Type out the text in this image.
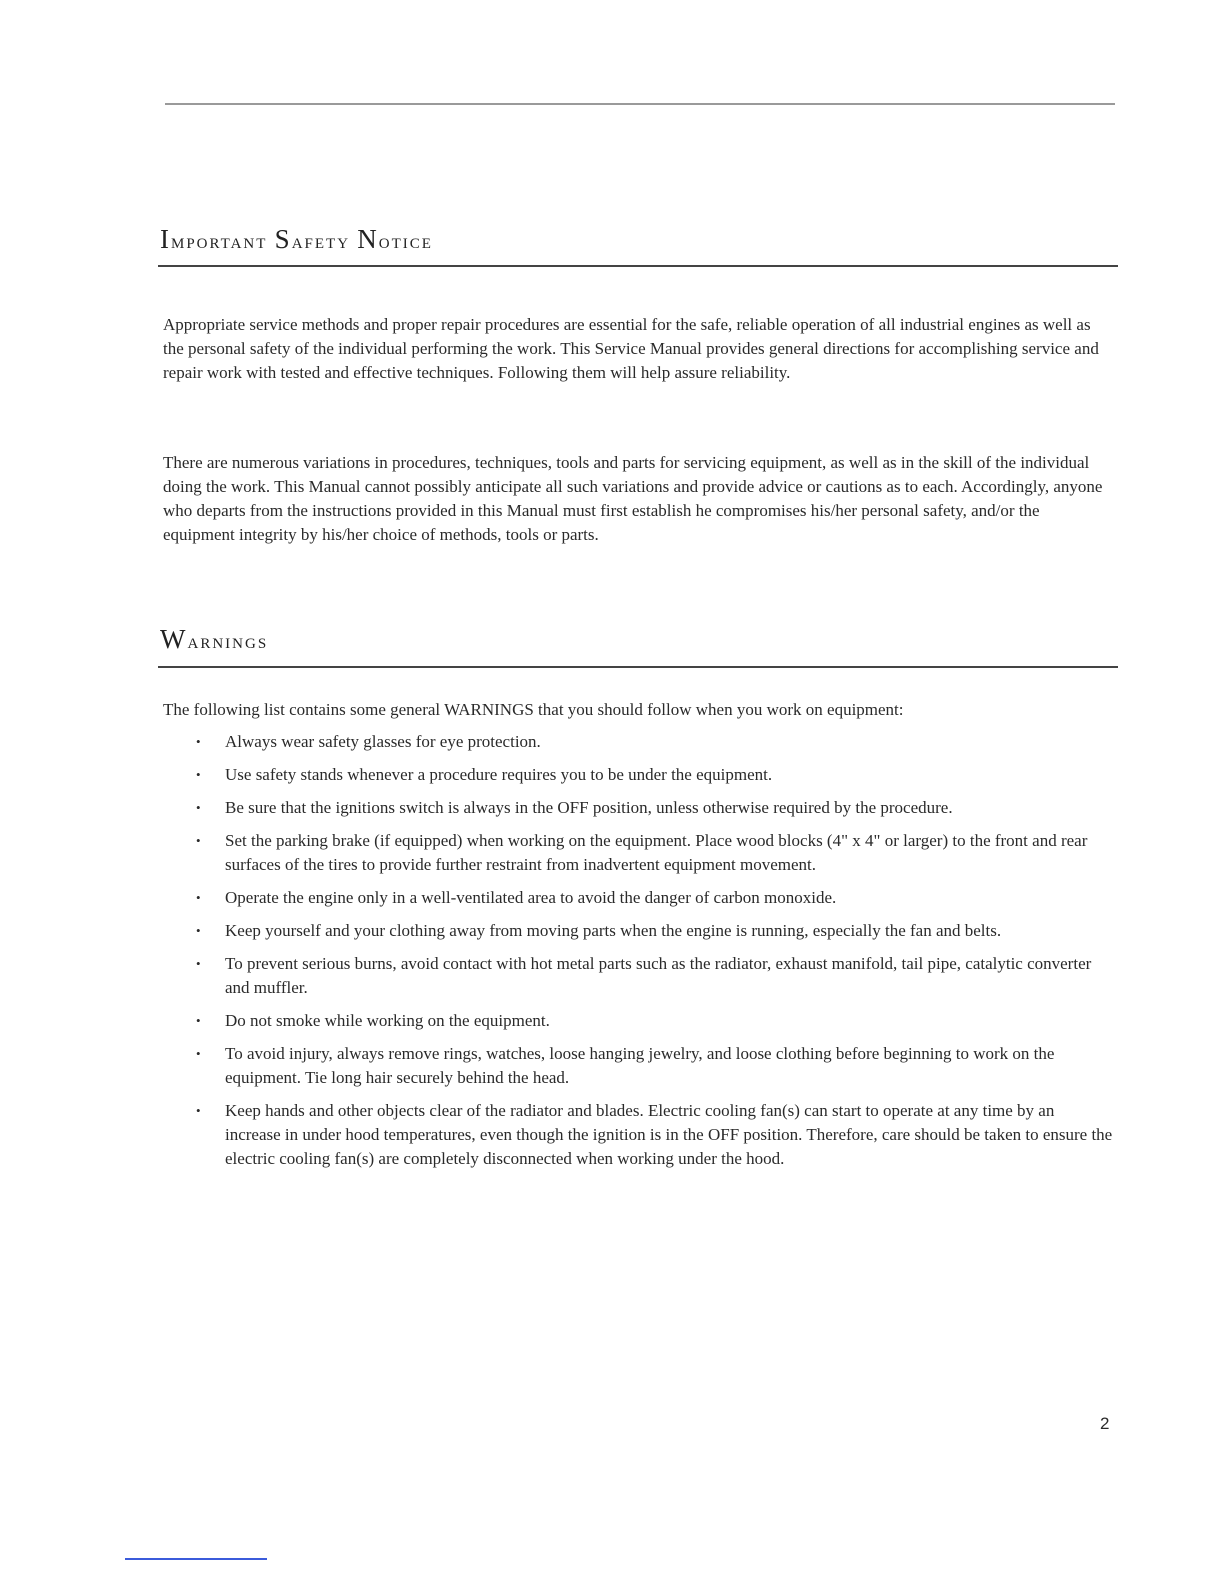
Important Safety Notice

Appropriate service methods and proper repair procedures are essential for the safe, reliable operation of all industrial engines as well as the personal safety of the individual performing the work. This Service Manual provides general directions for accomplishing service and repair work with tested and effective techniques. Following them will help assure reliability.

There are numerous variations in procedures, techniques, tools and parts for servicing equipment, as well as in the skill of the individual doing the work. This Manual cannot possibly anticipate all such variations and provide advice or cautions as to each. Accordingly, anyone who departs from the instructions provided in this Manual must first establish he compromises his/her personal safety, and/or the equipment integrity by his/her choice of methods, tools or parts.

Warnings

The following list contains some general WARNINGS that you should follow when you work on equipment:

• Always wear safety glasses for eye protection.
• Use safety stands whenever a procedure requires you to be under the equipment.
• Be sure that the ignitions switch is always in the OFF position, unless otherwise required by the procedure.
• Set the parking brake (if equipped) when working on the equipment. Place wood blocks (4" x 4" or larger) to the front and rear surfaces of the tires to provide further restraint from inadvertent equipment movement.
• Operate the engine only in a well-ventilated area to avoid the danger of carbon monoxide.
• Keep yourself and your clothing away from moving parts when the engine is running, especially the fan and belts.
• To prevent serious burns, avoid contact with hot metal parts such as the radiator, exhaust manifold, tail pipe, catalytic converter and muffler.
• Do not smoke while working on the equipment.
• To avoid injury, always remove rings, watches, loose hanging jewelry, and loose clothing before beginning to work on the equipment. Tie long hair securely behind the head.
• Keep hands and other objects clear of the radiator and blades. Electric cooling fan(s) can start to operate at any time by an increase in under hood temperatures, even though the ignition is in the OFF position. Therefore, care should be taken to ensure the electric cooling fan(s) are completely disconnected when working under the hood.
2
